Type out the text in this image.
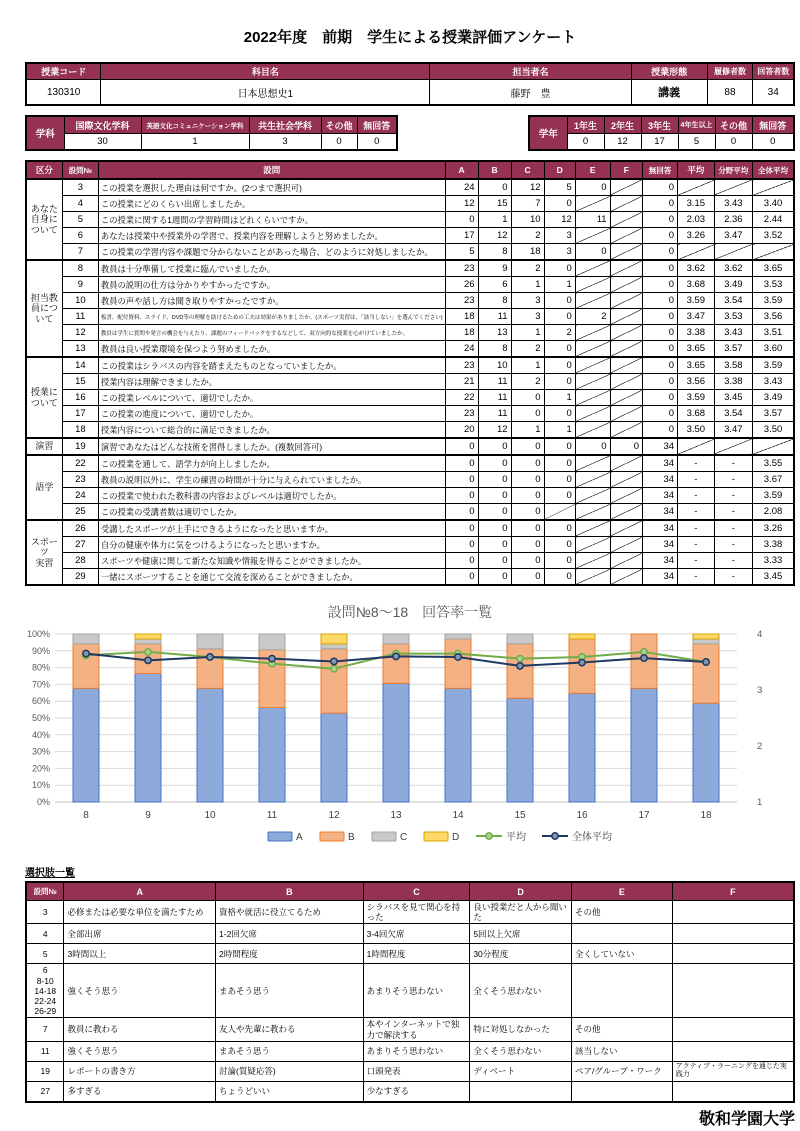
2022年度　前期　学生による授業評価アンケート
授業コード	科目名	担当者名	授業形態	履修者数	回答者数
130310	日本思想史1	藤野　豊	講義	88	34
学科	国際文化学科	英語文化コミュニケーション学科	共生社会学科	その他	無回答
	30	1	3	0	0
学年	1年生	2年生	3年生	4年生以上	その他	無回答
	0	12	17	5	0	0
区分	設問№	設問	A	B	C	D	E	F	無回答	平均	分野平均	全体平均
あなた
自身に
ついて	3	この授業を選択した理由は何ですか。(2つまで選択可)	24	0	12	5	0		0			
	4	この授業にどのくらい出席しましたか。	12	15	7	0			0	3.15	3.43	3.40
	5	この授業に関する1週間の学習時間はどれくらいですか。	0	1	10	12	11		0	2.03	2.36	2.44
	6	あなたは授業中や授業外の学習で、授業内容を理解しようと努めましたか。	17	12	2	3			0	3.26	3.47	3.52
	7	この授業の学習内容や課題で分からないことがあった場合、どのように対処しましたか。	5	8	18	3	0		0			
担当教
員につ
いて	8	教員は十分準備して授業に臨んでいましたか。	23	9	2	0			0	3.62	3.62	3.65
	9	教員の説明の仕方は分かりやすかったですか。	26	6	1	1			0	3.68	3.49	3.53
	10	教員の声や話し方は聞き取りやすかったですか。	23	8	3	0			0	3.59	3.54	3.59
	11	板書、配付資料、スライド、DVD等の理解を助けるための工夫は効果がありましたか。(スポーツ実習は、「該当しない」を選んでください)	18	11	3	0	2		0	3.47	3.53	3.56
	12	教員は学生に質問や発言の機会を与えたり、課題のフィードバックをするなどして、双方向的な授業を心がけていましたか。	18	13	1	2			0	3.38	3.43	3.51
	13	教員は良い授業環境を保つよう努めましたか。	24	8	2	0			0	3.65	3.57	3.60
授業に
ついて	14	この授業はシラバスの内容を踏まえたものとなっていましたか。	23	10	1	0			0	3.65	3.58	3.59
	15	授業内容は理解できましたか。	21	11	2	0			0	3.56	3.38	3.43
	16	この授業レベルについて、適切でしたか。	22	11	0	1			0	3.59	3.45	3.49
	17	この授業の進度について、適切でしたか。	23	11	0	0			0	3.68	3.54	3.57
	18	授業内容について総合的に満足できましたか。	20	12	1	1			0	3.50	3.47	3.50
演習	19	演習であなたはどんな技術を習得しましたか。(複数回答可)	0	0	0	0	0	0	34			
語学	22	この授業を通して、語学力が向上しましたか。	0	0	0	0			34	-	-	3.55
	23	教員の説明以外に、学生の練習の時間が十分に与えられていましたか。	0	0	0	0			34	-	-	3.67
	24	この授業で使われた教科書の内容およびレベルは適切でしたか。	0	0	0	0			34	-	-	3.59
	25	この授業の受講者数は適切でしたか。	0	0	0				34	-	-	2.08
スポーツ
実習	26	受講したスポーツが上手にできるようになったと思いますか。	0	0	0	0			34	-	-	3.26
	27	自分の健康や体力に気をつけるようになったと思いますか。	0	0	0	0			34	-	-	3.38
	28	スポーツや健康に関して新たな知識や情報を得ることができましたか。	0	0	0	0			34	-	-	3.33
	29	一緒にスポーツすることを通じて交流を深めることができましたか。	0	0	0	0			34	-	-	3.45
設問№8～18　回答率一覧
0%
10%
20%
30%
40%
50%
60%
70%
80%
90%
100%	4
3
2
1
8	9	10	11	12	13	14	15	16	17	18
A	B	C	D	平均	全体平均
選択肢一覧
設問№	A	B	C	D	E	F
3	必修または必要な単位を満たすため	資格や就活に役立てるため	シラバスを見て関心を持った	良い授業だと人から聞いた	その他	
4	全部出席	1-2回欠席	3-4回欠席	5回以上欠席		
5	3時間以上	2時間程度	1時間程度	30分程度	全くしていない	
6
8-10
14-18
22-24
26-29	強くそう思う	まあそう思う	あまりそう思わない	全くそう思わない		
7	教員に教わる	友人や先輩に教わる	本やインターネットで独力で解決する	特に対処しなかった	その他	
11	強くそう思う	まあそう思う	あまりそう思わない	全くそう思わない	該当しない	
19	レポートの書き方	討論(質疑応答)	口頭発表	ディベート	ペア/グループ・ワーク	アクティブ・ラーニングを通じた実践力
27	多すぎる	ちょうどいい	少なすぎる			
敬和学園大学
